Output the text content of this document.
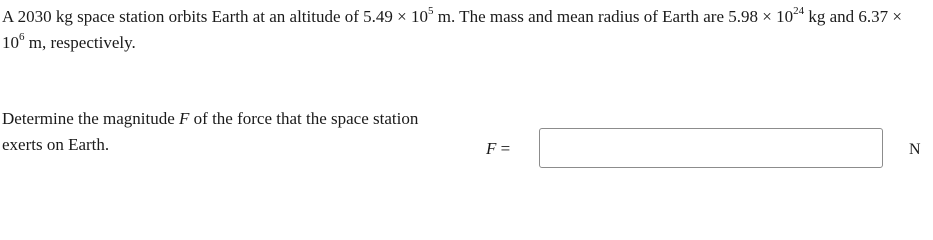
A 2030 kg space station orbits Earth at an altitude of $5.49 \times 10^5$ m. The mass and mean radius of Earth are $5.98 \times 10^{24}$ kg and $6.37 \times 10^6$ m, respectively.
Determine the magnitude F of the force that the space station exerts on Earth.	F =	N
